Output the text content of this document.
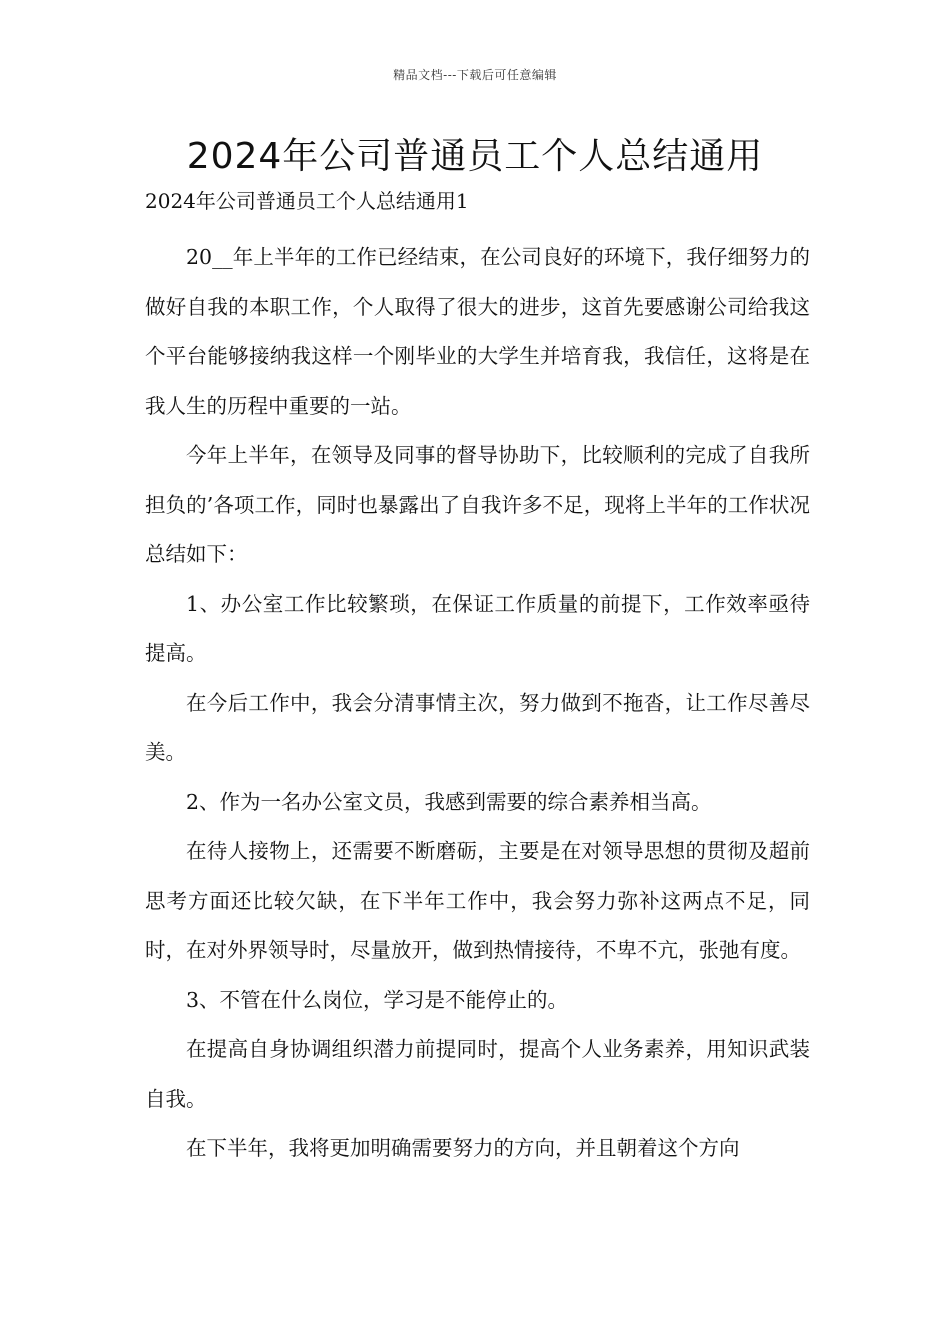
精品文档---下载后可任意编辑
2024年公司普通员工个人总结通用
2024年公司普通员工个人总结通用1

20__年上半年的工作已经结束，在公司良好的环境下，我仔细努力的做好自我的本职工作，个人取得了很大的进步，这首先要感谢公司给我这个平台能够接纳我这样一个刚毕业的大学生并培育我，我信任，这将是在我人生的历程中重要的一站。

今年上半年，在领导及同事的督导协助下，比较顺利的完成了自我所担负的’各项工作，同时也暴露出了自我许多不足，现将上半年的工作状况总结如下：

1、办公室工作比较繁琐，在保证工作质量的前提下，工作效率亟待提高。

在今后工作中，我会分清事情主次，努力做到不拖沓，让工作尽善尽美。

2、作为一名办公室文员，我感到需要的综合素养相当高。

在待人接物上，还需要不断磨砺，主要是在对领导思想的贯彻及超前思考方面还比较欠缺，在下半年工作中，我会努力弥补这两点不足，同时，在对外界领导时，尽量放开，做到热情接待，不卑不亢，张弛有度。

3、不管在什么岗位，学习是不能停止的。

在提高自身协调组织潜力前提同时，提高个人业务素养，用知识武装自我。

在下半年，我将更加明确需要努力的方向，并且朝着这个方向
